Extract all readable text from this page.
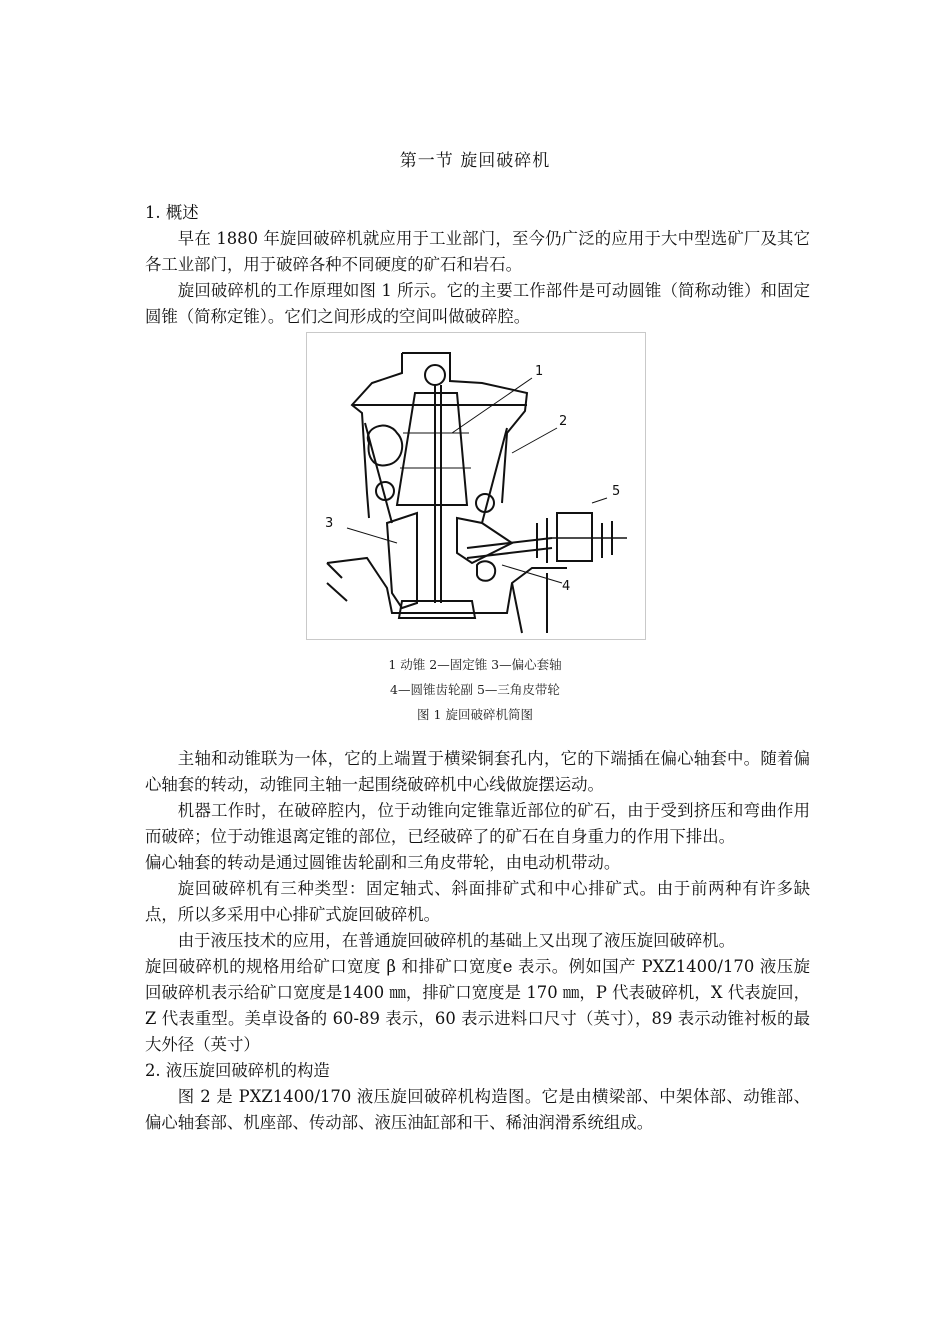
第一节 旋回破碎机

1. 概述

早在 1880 年旋回破碎机就应用于工业部门，至今仍广泛的应用于大中型选矿厂及其它各工业部门，用于破碎各种不同硬度的矿石和岩石。

旋回破碎机的工作原理如图 1 所示。它的主要工作部件是可动圆锥（简称动锥）和固定圆锥（简称定锥）。它们之间形成的空间叫做破碎腔。

1
2
3
4
5
1 动锥 2—固定锥 3—偏心套轴
4—圆锥齿轮副 5—三角皮带轮
图 1 旋回破碎机简图

主轴和动锥联为一体，它的上端置于横梁铜套孔内，它的下端插在偏心轴套中。随着偏心轴套的转动，动锥同主轴一起围绕破碎机中心线做旋摆运动。

机器工作时，在破碎腔内，位于动锥向定锥靠近部位的矿石，由于受到挤压和弯曲作用而破碎；位于动锥退离定锥的部位，已经破碎了的矿石在自身重力的作用下排出。

偏心轴套的转动是通过圆锥齿轮副和三角皮带轮，由电动机带动。

旋回破碎机有三种类型：固定轴式、斜面排矿式和中心排矿式。由于前两种有许多缺点，所以多采用中心排矿式旋回破碎机。

由于液压技术的应用，在普通旋回破碎机的基础上又出现了液压旋回破碎机。

旋回破碎机的规格用给矿口宽度 β 和排矿口宽度e 表示。例如国产 PXZ1400/170 液压旋回破碎机表示给矿口宽度是1400 ㎜，排矿口宽度是 170 ㎜，P 代表破碎机，X 代表旋回，Z 代表重型。美卓设备的 60-89 表示，60 表示进料口尺寸（英寸），89 表示动锥衬板的最大外径（英寸）

2. 液压旋回破碎机的构造

图 2 是 PXZ1400/170 液压旋回破碎机构造图。它是由横梁部、中架体部、动锥部、偏心轴套部、机座部、传动部、液压油缸部和干、稀油润滑系统组成。
